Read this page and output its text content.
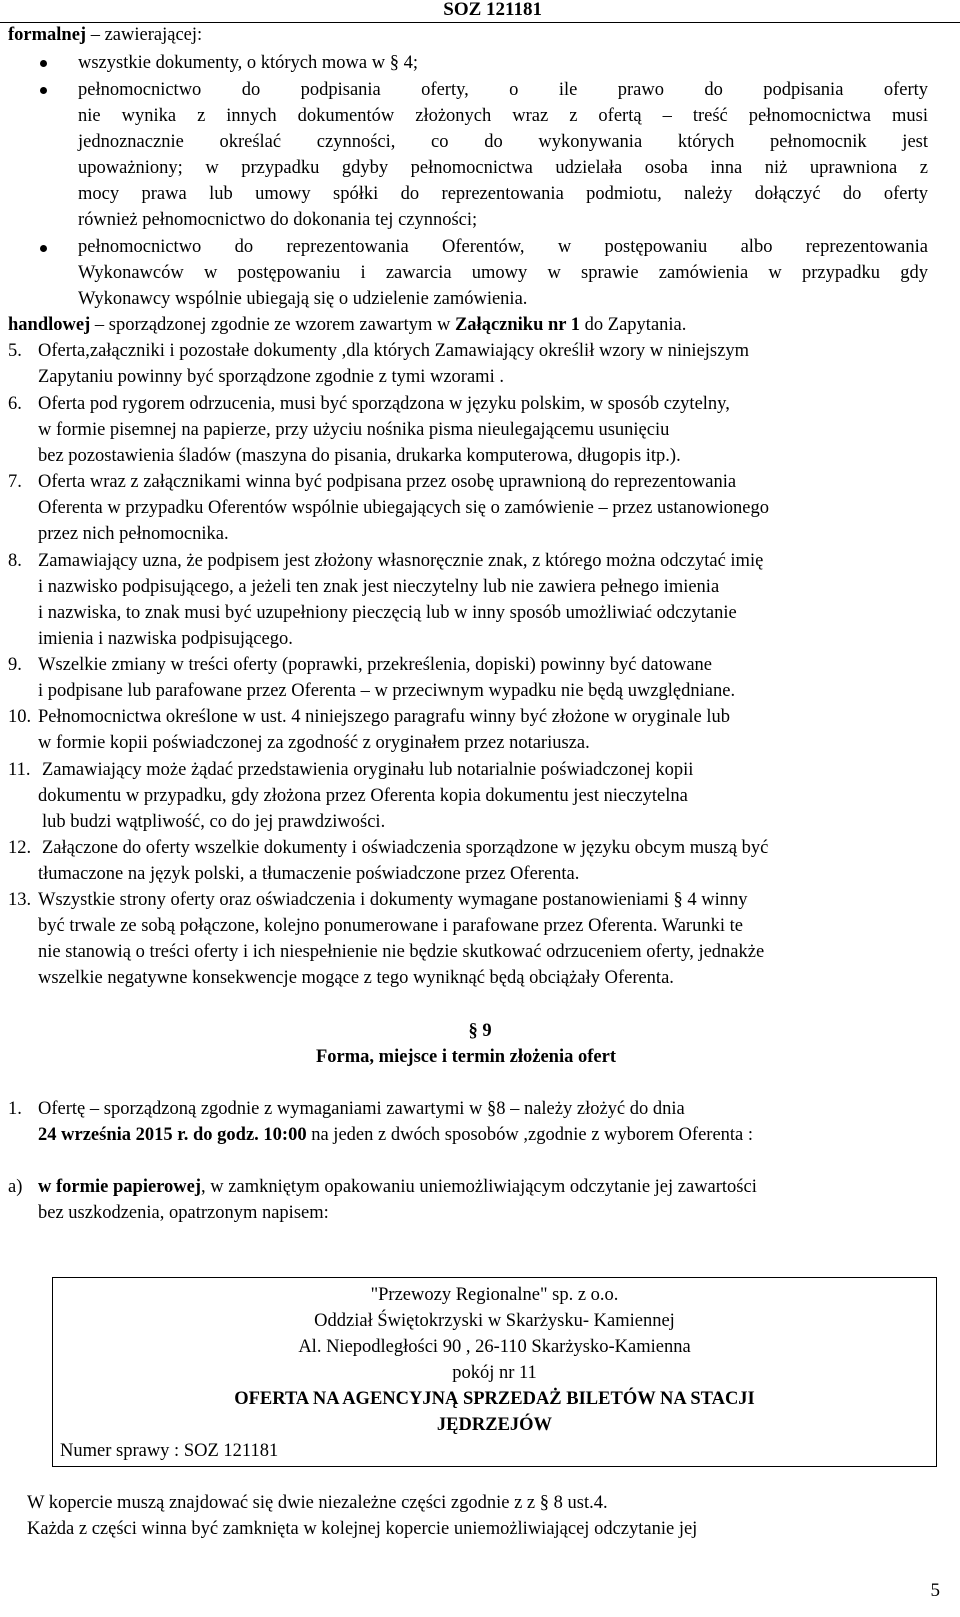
SOZ 121181
formalnej – zawierającej:
wszystkie dokumenty, o których mowa w § 4;
pełnomocnictwo do podpisania oferty, o ile prawo do podpisania oferty
nie wynika z innych dokumentów złożonych wraz z ofertą – treść pełnomocnictwa musi
jednoznacznie określać czynności, co do wykonywania których pełnomocnik jest
upoważniony; w przypadku gdyby pełnomocnictwa udzielała osoba inna niż uprawniona z
mocy prawa lub umowy spółki do reprezentowania podmiotu, należy dołączyć do oferty
również pełnomocnictwo do dokonania tej czynności;
pełnomocnictwo do reprezentowania Oferentów, w postępowaniu albo reprezentowania
Wykonawców w postępowaniu i zawarcia umowy w sprawie zamówienia w przypadku gdy
Wykonawcy wspólnie ubiegają się o udzielenie zamówienia.
handlowej – sporządzonej zgodnie ze wzorem zawartym w Załączniku nr 1 do Zapytania.
5. Oferta,załączniki i pozostałe dokumenty ,dla których Zamawiający określił wzory w niniejszym
Zapytaniu powinny być sporządzone zgodnie z tymi wzorami .
6. Oferta pod rygorem odrzucenia, musi być sporządzona w języku polskim, w sposób czytelny,
w formie pisemnej na papierze, przy użyciu nośnika pisma nieulegającemu usunięciu
bez pozostawienia śladów (maszyna do pisania, drukarka komputerowa, długopis itp.).
7. Oferta wraz z załącznikami winna być podpisana przez osobę uprawnioną do reprezentowania
Oferenta w przypadku Oferentów wspólnie ubiegających się o zamówienie – przez ustanowionego
przez nich pełnomocnika.
8. Zamawiający uzna, że podpisem jest złożony własnoręcznie znak, z którego można odczytać imię
i nazwisko podpisującego, a jeżeli ten znak jest nieczytelny lub nie zawiera pełnego imienia
i nazwiska, to znak musi być uzupełniony pieczęcią lub w inny sposób umożliwiać odczytanie
imienia i nazwiska podpisującego.
9. Wszelkie zmiany w treści oferty (poprawki, przekreślenia, dopiski) powinny być datowane
i podpisane lub parafowane przez Oferenta – w przeciwnym wypadku nie będą uwzględniane.
10. Pełnomocnictwa określone w ust. 4 niniejszego paragrafu winny być złożone w oryginale lub
w formie kopii poświadczonej za zgodność z oryginałem przez notariusza.
11. Zamawiający może żądać przedstawienia oryginału lub notarialnie poświadczonej kopii
dokumentu w przypadku, gdy złożona przez Oferenta kopia dokumentu jest nieczytelna
lub budzi wątpliwość, co do jej prawdziwości.
12. Załączone do oferty wszelkie dokumenty i oświadczenia sporządzone w języku obcym muszą być
tłumaczone na język polski, a tłumaczenie poświadczone przez Oferenta.
13. Wszystkie strony oferty oraz oświadczenia i dokumenty wymagane postanowieniami § 4 winny
być trwale ze sobą połączone, kolejno ponumerowane i parafowane przez Oferenta. Warunki te
nie stanowią o treści oferty i ich niespełnienie nie będzie skutkować odrzuceniem oferty, jednakże
wszelkie negatywne konsekwencje mogące z tego wyniknąć będą obciążały Oferenta.
§ 9
Forma, miejsce i termin złożenia ofert
1. Ofertę – sporządzoną zgodnie z wymaganiami zawartymi w §8 – należy złożyć do dnia
24 września 2015 r. do godz. 10:00 na jeden z dwóch sposobów ,zgodnie z wyborem Oferenta :
a) w formie papierowej, w zamkniętym opakowaniu uniemożliwiającym odczytanie jej zawartości
bez uszkodzenia, opatrzonym napisem:
"Przewozy Regionalne" sp. z o.o.
Oddział Świętokrzyski w Skarżysku- Kamiennej
Al. Niepodległości 90 , 26-110 Skarżysko-Kamienna
pokój nr 11
OFERTA NA AGENCYJNĄ SPRZEDAŻ BILETÓW NA STACJI
JĘDRZEJÓW
Numer sprawy : SOZ 121181
W kopercie muszą znajdować się dwie niezależne części zgodnie z z § 8 ust.4.
Każda z części winna być zamknięta w kolejnej kopercie uniemożliwiającej odczytanie jej
5
